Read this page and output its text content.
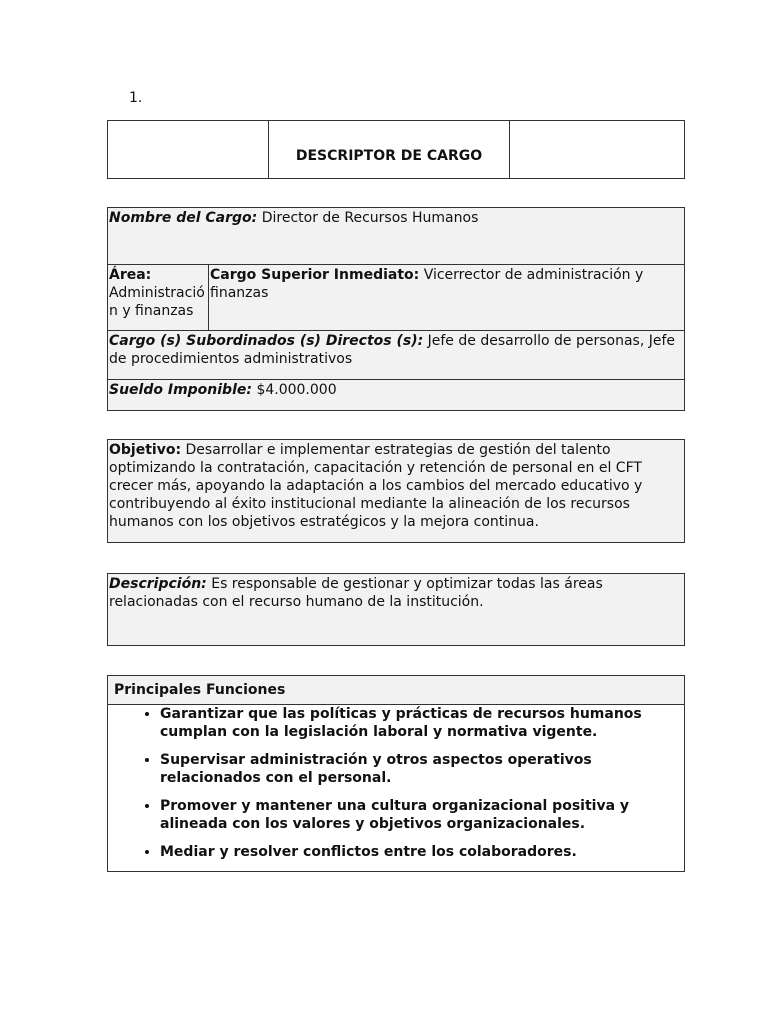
1.
	DESCRIPTOR DE CARGO	
Nombre del Cargo: Director de Recursos Humanos

Área:
Administración y finanzas
	Cargo Superior Inmediato: Vicerrector de administración y finanzas
Cargo (s) Subordinados (s) Directos (s): Jefe de desarrollo de personas, Jefe de procedimientos administrativos
Sueldo Imponible: $4.000.000
Objetivo: Desarrollar e implementar estrategias de gestión del talento optimizando la contratación, capacitación y retención de personal en el CFT crecer más, apoyando la adaptación a los cambios del mercado educativo y contribuyendo al éxito institucional mediante la alineación de los recursos humanos con los objetivos estratégicos y la mejora continua.
Descripción: Es responsable de gestionar y optimizar todas las áreas relacionadas con el recurso humano de la institución.
Principales Funciones

• Garantizar que las políticas y prácticas de recursos humanos cumplan con la legislación laboral y normativa vigente.
• Supervisar administración y otros aspectos operativos relacionados con el personal.
• Promover y mantener una cultura organizacional positiva y alineada con los valores y objetivos organizacionales.
• Mediar y resolver conflictos entre los colaboradores.
